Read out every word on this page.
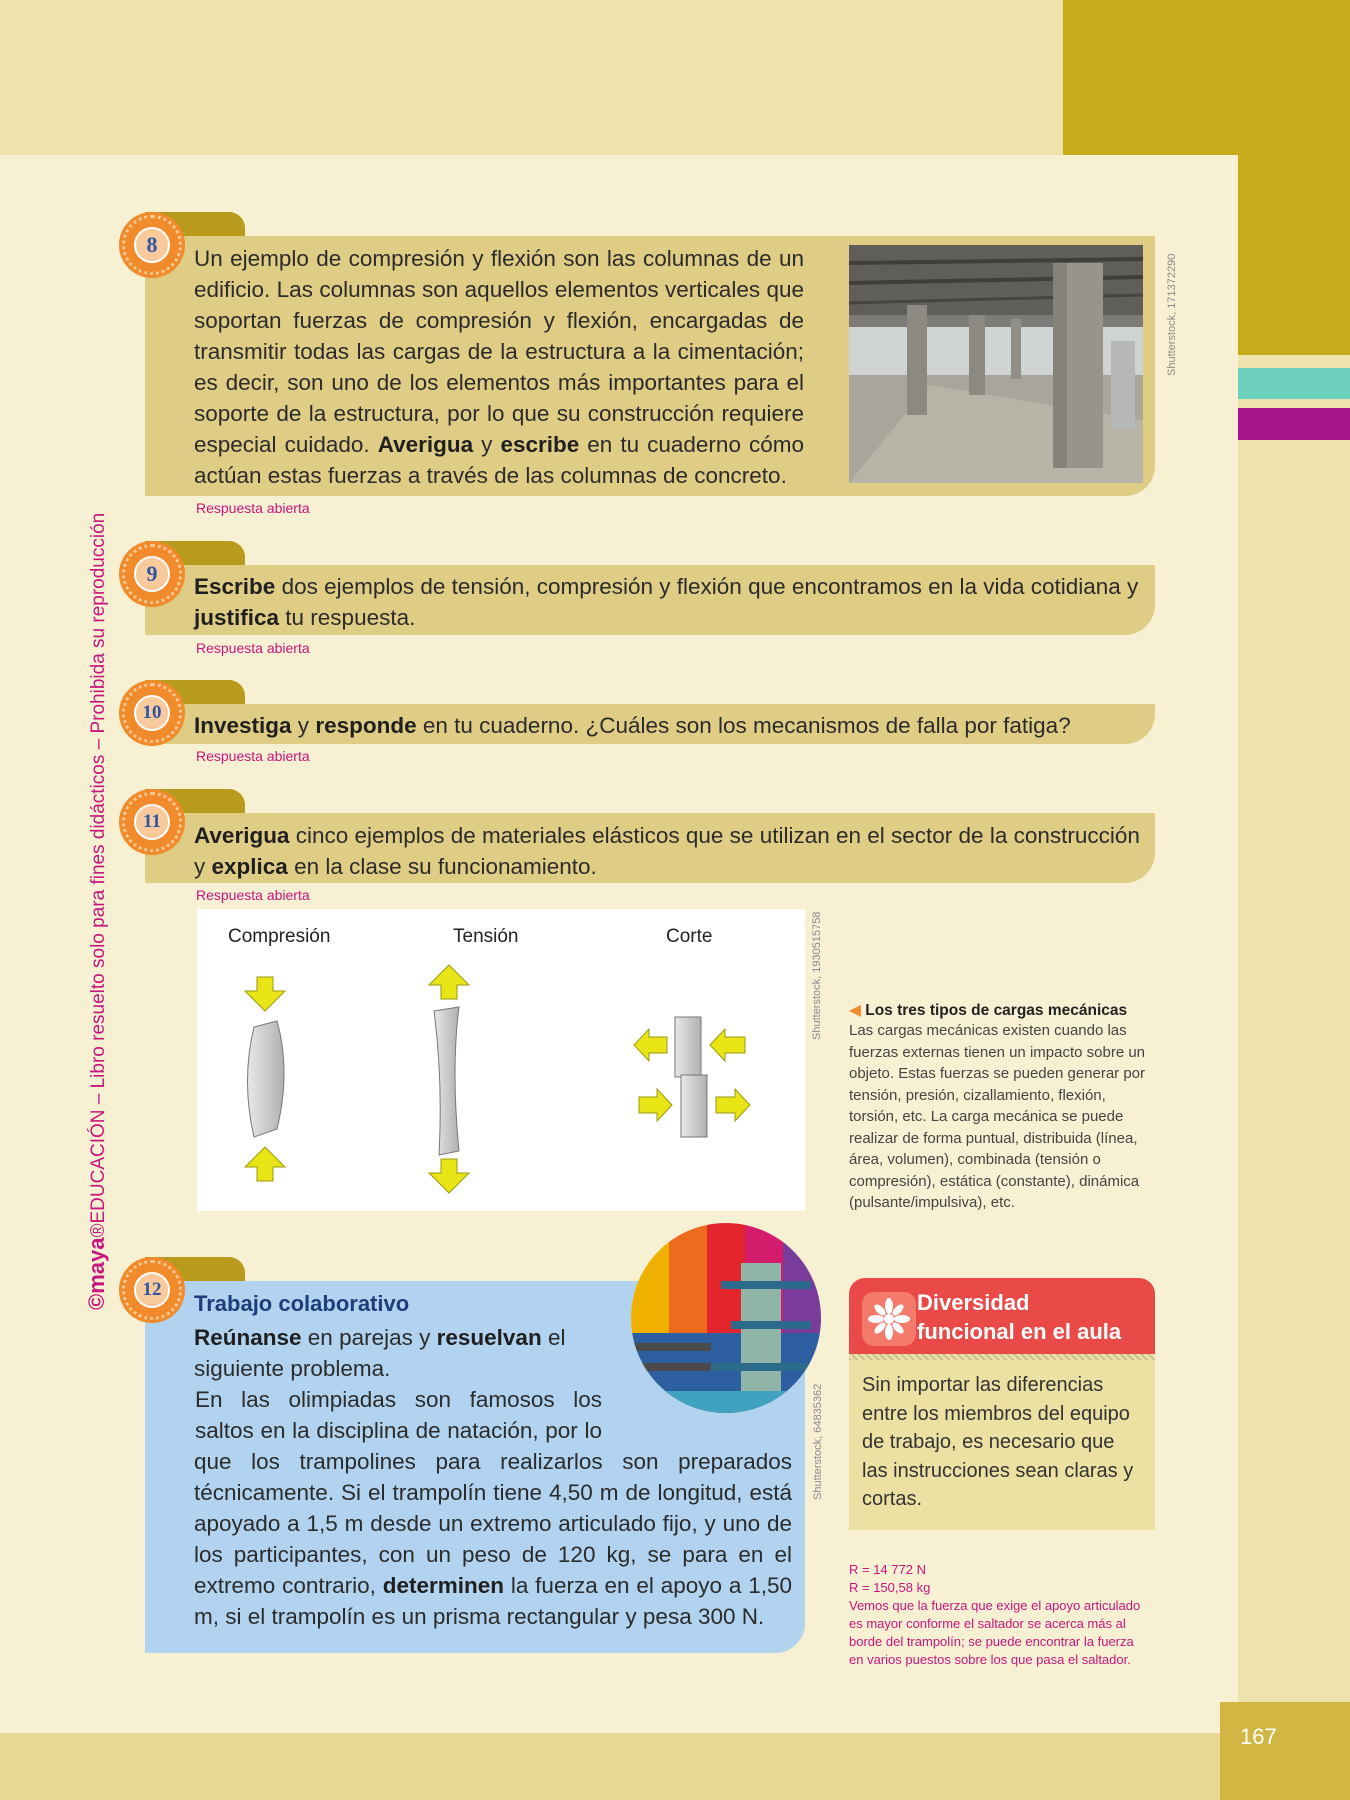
167
©maya®EDUCACIÓN – Libro resuelto solo para fines didácticos – Prohibida su reproducción
8
Un ejemplo de compresión y flexión son las columnas de un edificio. Las columnas son aquellos elementos verticales que soportan fuerzas de compresión y flexión, encargadas de transmitir todas las cargas de la estructura a la cimentación; es decir, son uno de los elementos más importantes para el soporte de la estructura, por lo que su construcción requiere especial cuidado. Averigua y escribe en tu cuaderno cómo actúan estas fuerzas a través de las columnas de concreto.
Shutterstock, 171372290
Respuesta abierta
9
Escribe dos ejemplos de tensión, compresión y flexión que encontramos en la vida cotidiana y justifica tu respuesta.
Respuesta abierta
10
Investiga y responde en tu cuaderno. ¿Cuáles son los mecanismos de falla por fatiga?
Respuesta abierta
11
Averigua cinco ejemplos de materiales elásticos que se utilizan en el sector de la construcción y explica en la clase su funcionamiento.
Respuesta abierta
Compresión	Tensión	Corte	Shutterstock, 1930515758 ◀ Los tres tipos de cargas mecánicas
Las cargas mecánicas existen cuando las fuerzas externas tienen un impacto sobre un objeto. Estas fuerzas se pueden generar por tensión, presión, cizallamiento, flexión, torsión, etc. La carga mecánica se puede realizar de forma puntual, distribuida (línea, área, volumen), combinada (tensión o compresión), estática (constante), dinámica (pulsante/impulsiva), etc.
12
Trabajo colaborativo
Reúnanse en parejas y resuelvan el siguiente problema.
En las olimpiadas son famosos los saltos en la disciplina de natación, por lo que los trampolines para realizarlos son preparados técnicamente. Si el trampolín tiene 4,50 m de longitud, está apoyado a 1,5 m desde un extremo articulado fijo, y uno de los participantes, con un peso de 120 kg, se para en el extremo contrario, determinen la fuerza en el apoyo a 1,50 m, si el trampolín es un prisma rectangular y pesa 300 N.
Shutterstock, 64835362
Diversidad
funcional en el aula
Sin importar las diferencias entre los miembros del equipo de trabajo, es necesario que las instrucciones sean claras y cortas.
R = 14 772 N
R = 150,58 kg
Vemos que la fuerza que exige el apoyo articulado es mayor conforme el saltador se acerca más al borde del trampolín; se puede encontrar la fuerza en varios puestos sobre los que pasa el saltador.
